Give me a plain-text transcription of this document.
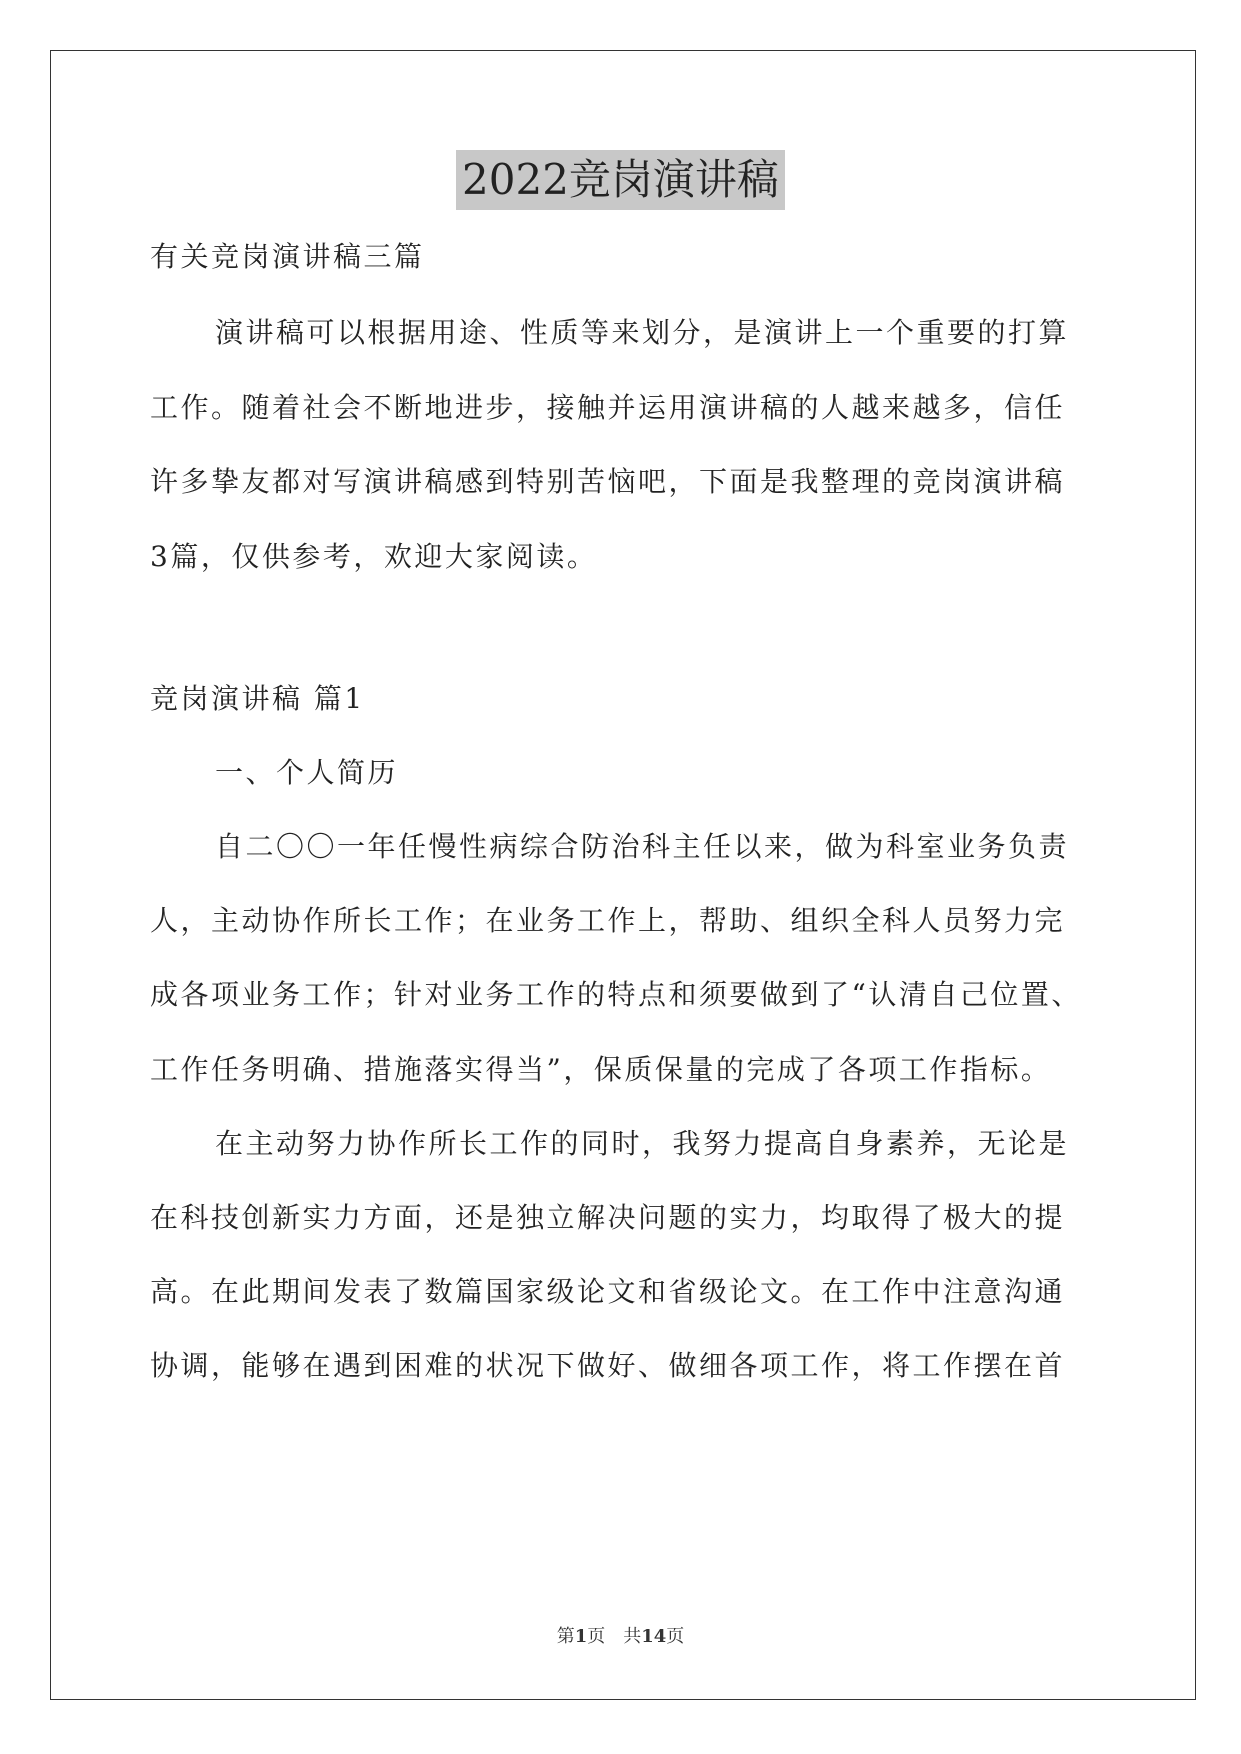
2022竞岗演讲稿
有关竞岗演讲稿三篇
演讲稿可以根据用途、性质等来划分，是演讲上一个重要的打算
工作。随着社会不断地进步，接触并运用演讲稿的人越来越多，信任
许多挚友都对写演讲稿感到特别苦恼吧，下面是我整理的竞岗演讲稿
3篇，仅供参考，欢迎大家阅读。
竞岗演讲稿 篇1
一、个人简历
自二〇〇一年任慢性病综合防治科主任以来，做为科室业务负责
人，主动协作所长工作；在业务工作上，帮助、组织全科人员努力完
成各项业务工作；针对业务工作的特点和须要做到了“认清自己位置、
工作任务明确、措施落实得当”，保质保量的完成了各项工作指标。
在主动努力协作所长工作的同时，我努力提高自身素养，无论是
在科技创新实力方面，还是独立解决问题的实力，均取得了极大的提
高。在此期间发表了数篇国家级论文和省级论文。在工作中注意沟通
协调，能够在遇到困难的状况下做好、做细各项工作，将工作摆在首
第1页　共14页
